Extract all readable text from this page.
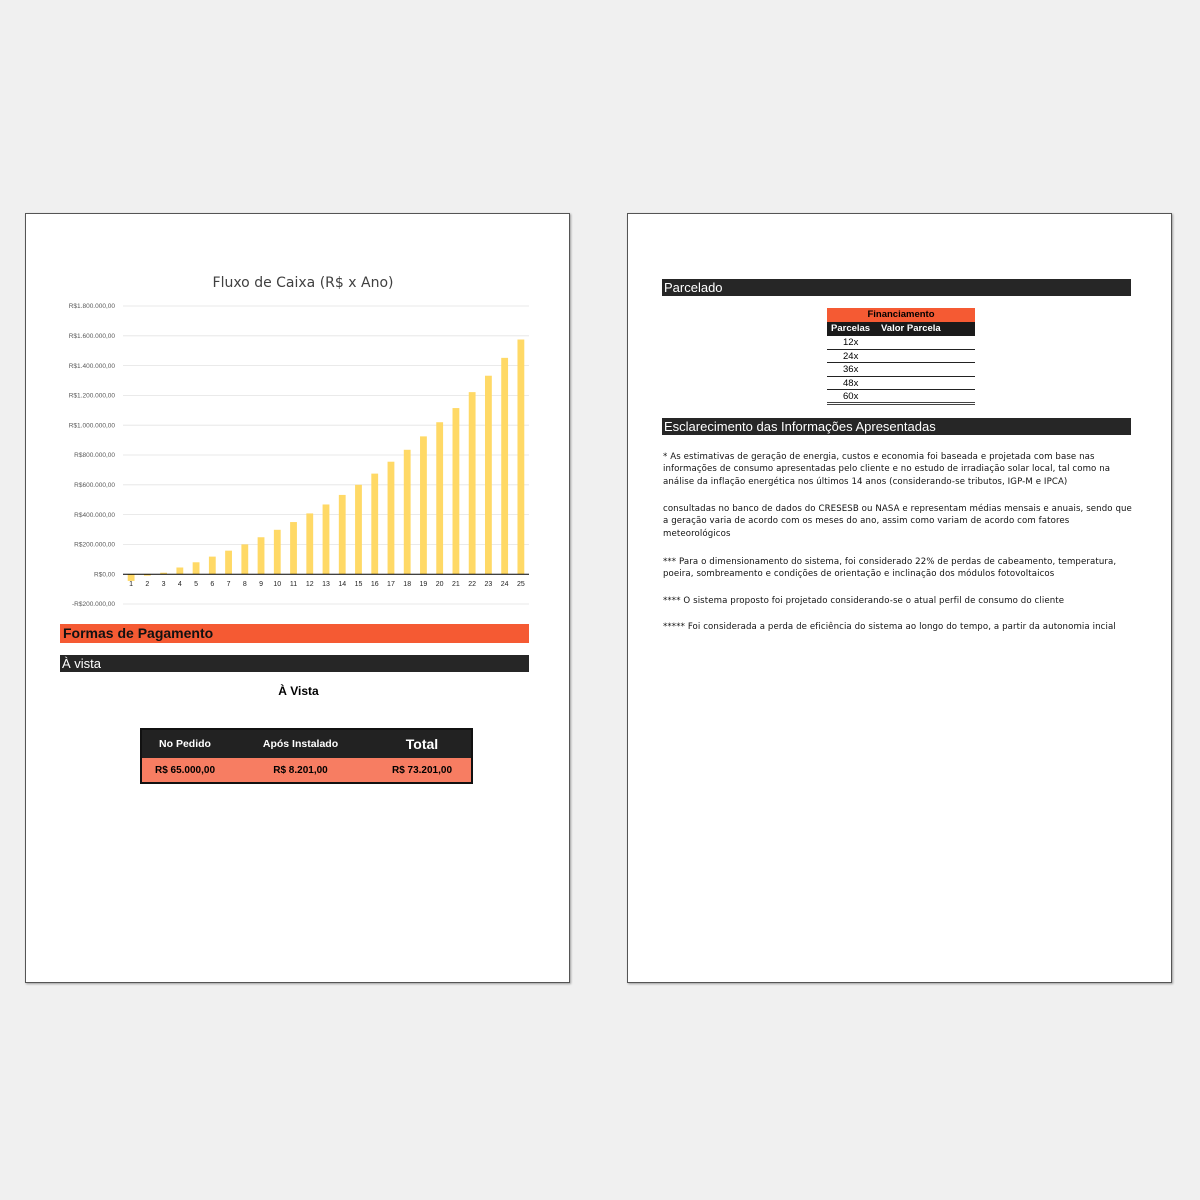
Fluxo de Caixa (R$ x Ano)
-R$200.000,00
R$0,00
R$200.000,00
R$400.000,00
R$600.000,00
R$800.000,00
R$1.000.000,00
R$1.200.000,00
R$1.400.000,00
R$1.600.000,00
R$1.800.000,00
1 2 3 4 5 6 7 8 9 10 11 12 13 14 15 16 17 18 19 20 21 22 23 24 25
Formas de Pagamento
À vista
À Vista
No Pedido	Após Instalado	Total
R$ 65.000,00	R$ 8.201,00	R$ 73.201,00
Parcelado
Financiamento
Parcelas	Valor Parcela
12x
24x
36x
48x
60x
Esclarecimento das Informações Apresentadas

* As estimativas de geração de energia, custos e economia foi baseada e projetada com base nas informações de consumo apresentadas pelo cliente e no estudo de irradiação solar local, tal como na análise da inflação energética nos últimos 14 anos (considerando-se tributos, IGP-M e IPCA)

consultadas no banco de dados do CRESESB ou NASA e representam médias mensais e anuais, sendo que a geração varia de acordo com os meses do ano, assim como variam de acordo com fatores meteorológicos

*** Para o dimensionamento do sistema, foi considerado 22% de perdas de cabeamento, temperatura, poeira, sombreamento e condições de orientação e inclinação dos módulos fotovoltaicos

**** O sistema proposto foi projetado considerando-se o atual perfil de consumo do cliente

***** Foi considerada a perda de eficiência do sistema ao longo do tempo, a partir da autonomia incial
